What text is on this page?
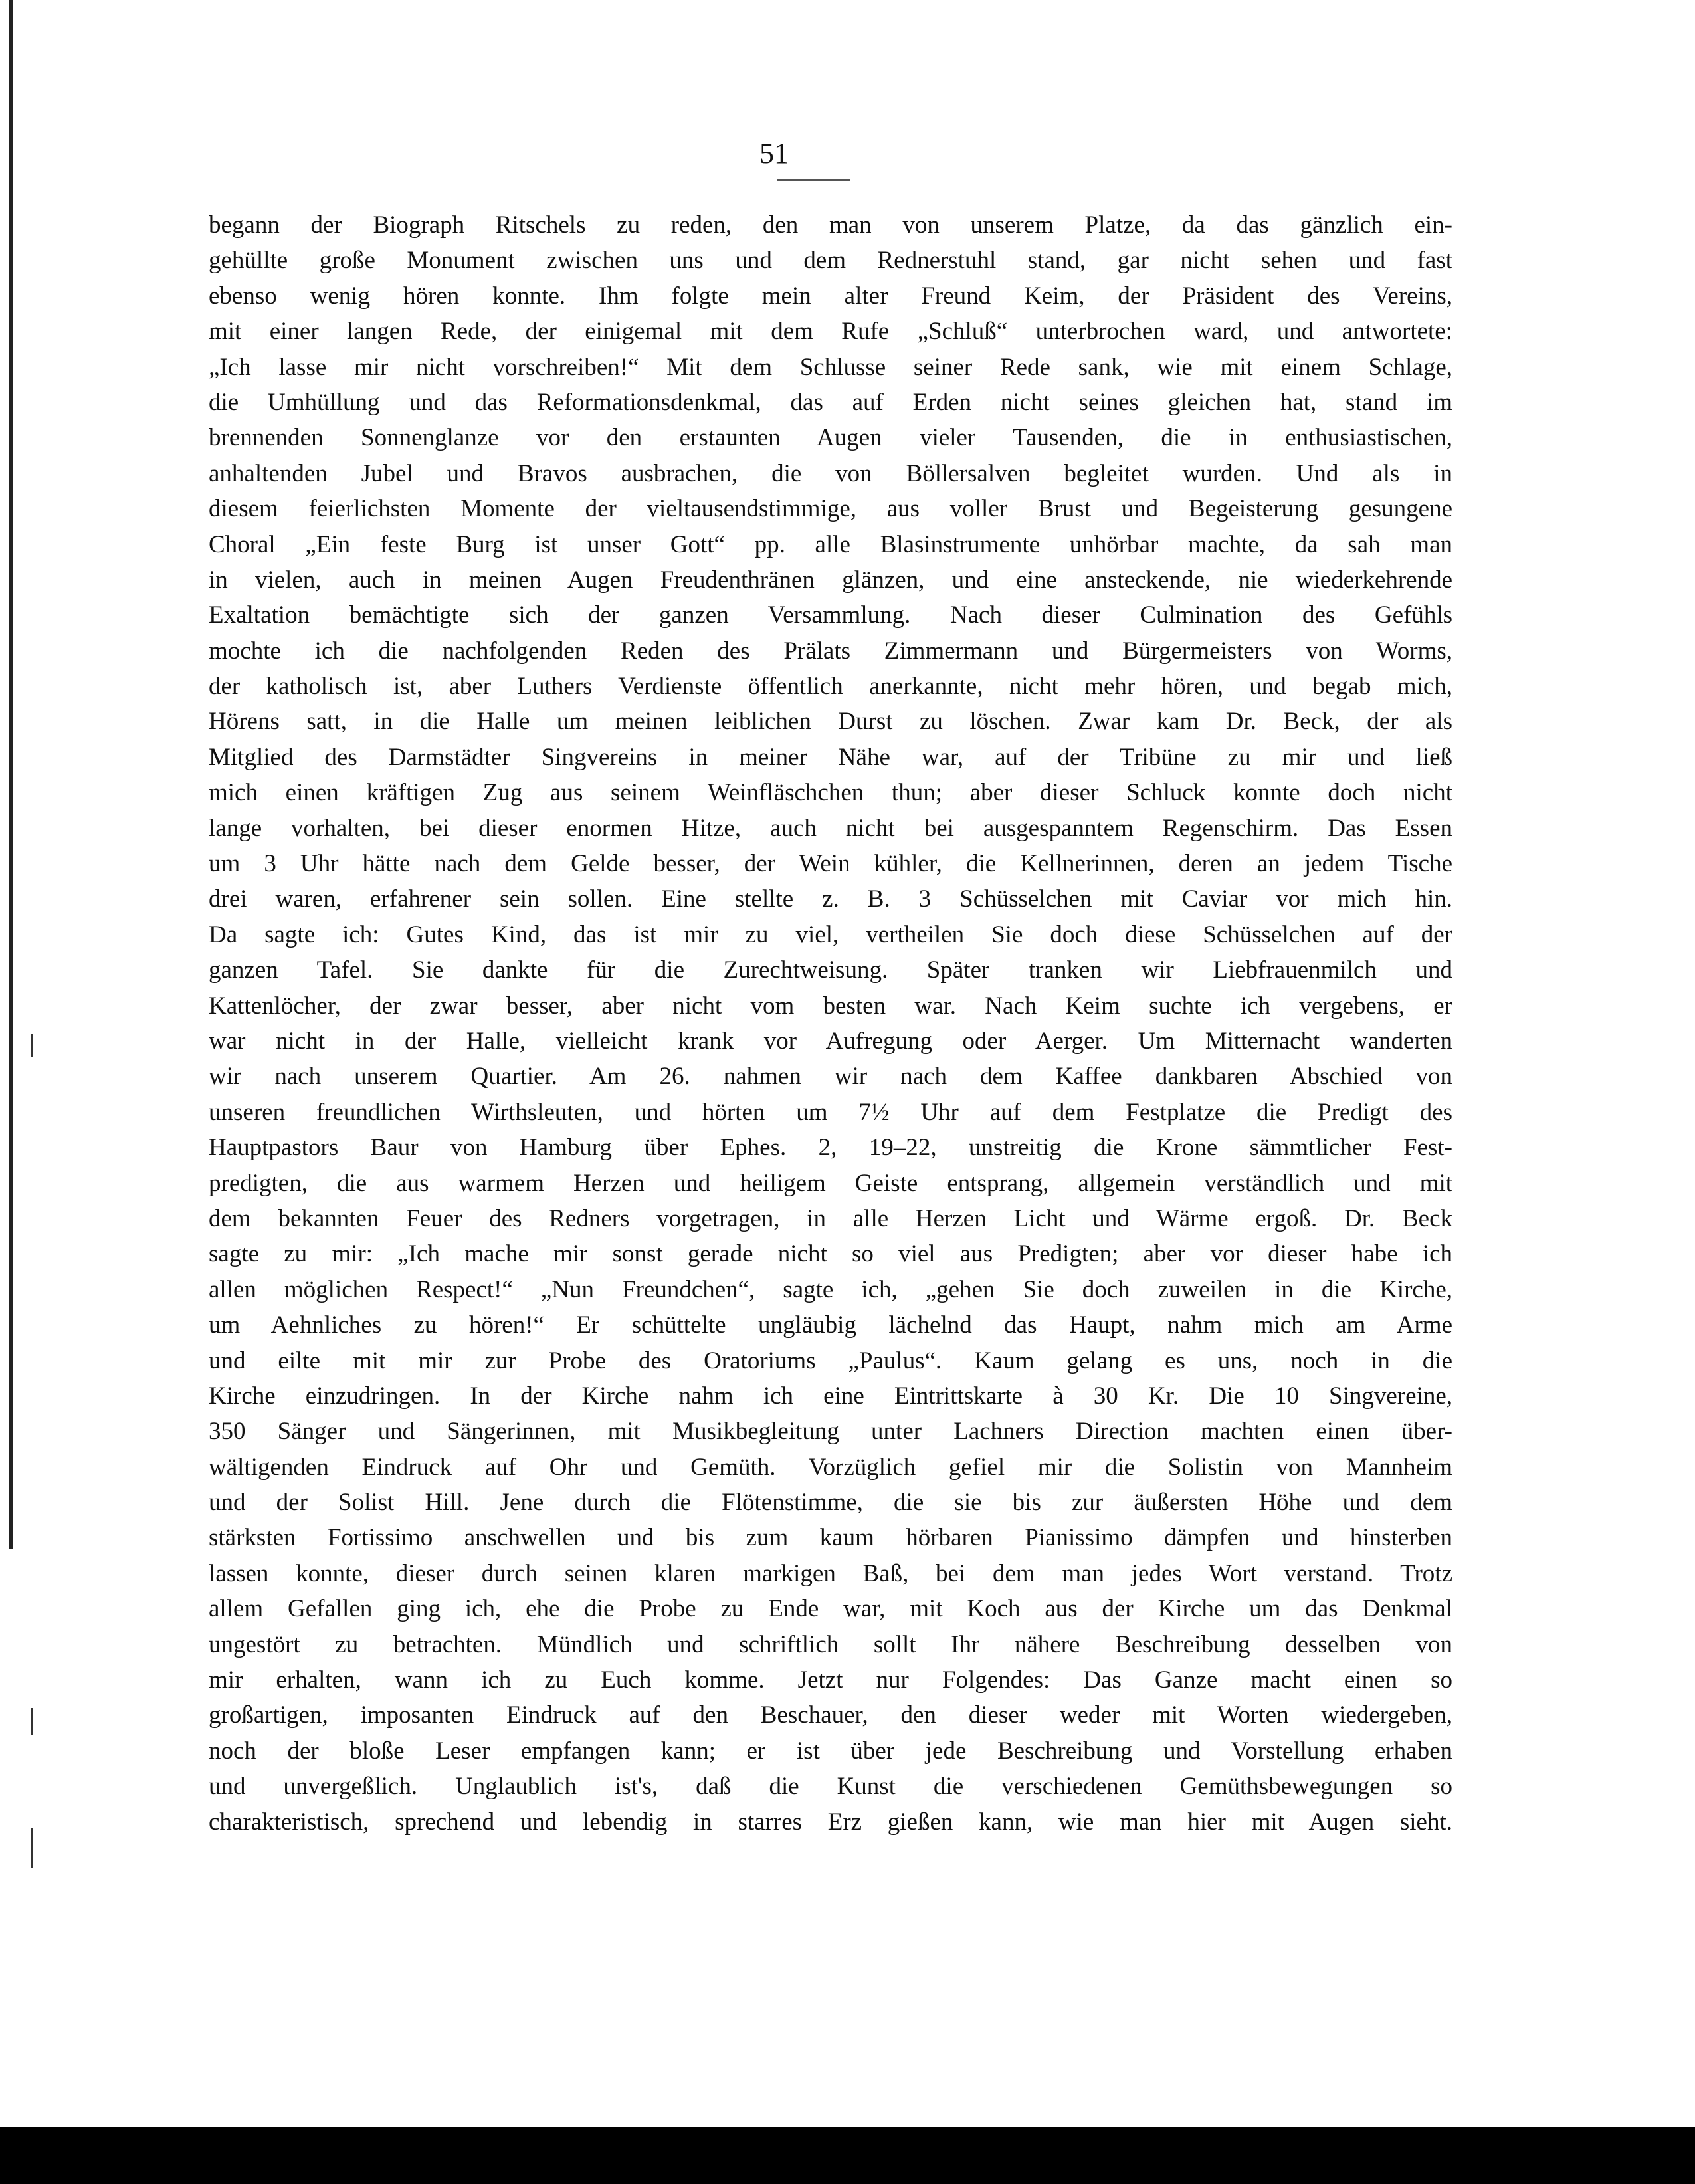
51
begann der Biograph Ritschels zu reden, den man von unserem Platze, da das gänzlich ein-
gehüllte große Monument zwischen uns und dem Rednerstuhl stand, gar nicht sehen und fast
ebenso wenig hören konnte. Ihm folgte mein alter Freund Keim, der Präsident des Vereins,
mit einer langen Rede, der einigemal mit dem Rufe „Schluß“ unterbrochen ward, und antwortete:
„Ich lasse mir nicht vorschreiben!“ Mit dem Schlusse seiner Rede sank, wie mit einem Schlage,
die Umhüllung und das Reformationsdenkmal, das auf Erden nicht seines gleichen hat, stand im
brennenden Sonnenglanze vor den erstaunten Augen vieler Tausenden, die in enthusiastischen,
anhaltenden Jubel und Bravos ausbrachen, die von Böllersalven begleitet wurden. Und als in
diesem feierlichsten Momente der vieltausendstimmige, aus voller Brust und Begeisterung gesungene
Choral „Ein feste Burg ist unser Gott“ pp. alle Blasinstrumente unhörbar machte, da sah man
in vielen, auch in meinen Augen Freudenthränen glänzen, und eine ansteckende, nie wiederkehrende
Exaltation bemächtigte sich der ganzen Versammlung. Nach dieser Culmination des Gefühls
mochte ich die nachfolgenden Reden des Prälats Zimmermann und Bürgermeisters von Worms,
der katholisch ist, aber Luthers Verdienste öffentlich anerkannte, nicht mehr hören, und begab mich,
Hörens satt, in die Halle um meinen leiblichen Durst zu löschen. Zwar kam Dr. Beck, der als
Mitglied des Darmstädter Singvereins in meiner Nähe war, auf der Tribüne zu mir und ließ
mich einen kräftigen Zug aus seinem Weinfläschchen thun; aber dieser Schluck konnte doch nicht
lange vorhalten, bei dieser enormen Hitze, auch nicht bei ausgespanntem Regenschirm. Das Essen
um 3 Uhr hätte nach dem Gelde besser, der Wein kühler, die Kellnerinnen, deren an jedem Tische
drei waren, erfahrener sein sollen. Eine stellte z. B. 3 Schüsselchen mit Caviar vor mich hin.
Da sagte ich: Gutes Kind, das ist mir zu viel, vertheilen Sie doch diese Schüsselchen auf der
ganzen Tafel. Sie dankte für die Zurechtweisung. Später tranken wir Liebfrauenmilch und
Kattenlöcher, der zwar besser, aber nicht vom besten war. Nach Keim suchte ich vergebens, er
war nicht in der Halle, vielleicht krank vor Aufregung oder Aerger. Um Mitternacht wanderten
wir nach unserem Quartier. Am 26. nahmen wir nach dem Kaffee dankbaren Abschied von
unseren freundlichen Wirthsleuten, und hörten um 7½ Uhr auf dem Festplatze die Predigt des
Hauptpastors Baur von Hamburg über Ephes. 2, 19–22, unstreitig die Krone sämmtlicher Fest-
predigten, die aus warmem Herzen und heiligem Geiste entsprang, allgemein verständlich und mit
dem bekannten Feuer des Redners vorgetragen, in alle Herzen Licht und Wärme ergoß. Dr. Beck
sagte zu mir: „Ich mache mir sonst gerade nicht so viel aus Predigten; aber vor dieser habe ich
allen möglichen Respect!“ „Nun Freundchen“, sagte ich, „gehen Sie doch zuweilen in die Kirche,
um Aehnliches zu hören!“ Er schüttelte ungläubig lächelnd das Haupt, nahm mich am Arme
und eilte mit mir zur Probe des Oratoriums „Paulus“. Kaum gelang es uns, noch in die
Kirche einzudringen. In der Kirche nahm ich eine Eintrittskarte à 30 Kr. Die 10 Singvereine,
350 Sänger und Sängerinnen, mit Musikbegleitung unter Lachners Direction machten einen über-
wältigenden Eindruck auf Ohr und Gemüth. Vorzüglich gefiel mir die Solistin von Mannheim
und der Solist Hill. Jene durch die Flötenstimme, die sie bis zur äußersten Höhe und dem
stärksten Fortissimo anschwellen und bis zum kaum hörbaren Pianissimo dämpfen und hinsterben
lassen konnte, dieser durch seinen klaren markigen Baß, bei dem man jedes Wort verstand. Trotz
allem Gefallen ging ich, ehe die Probe zu Ende war, mit Koch aus der Kirche um das Denkmal
ungestört zu betrachten. Mündlich und schriftlich sollt Ihr nähere Beschreibung desselben von
mir erhalten, wann ich zu Euch komme. Jetzt nur Folgendes: Das Ganze macht einen so
großartigen, imposanten Eindruck auf den Beschauer, den dieser weder mit Worten wiedergeben,
noch der bloße Leser empfangen kann; er ist über jede Beschreibung und Vorstellung erhaben
und unvergeßlich. Unglaublich ist's, daß die Kunst die verschiedenen Gemüthsbewegungen so
charakteristisch, sprechend und lebendig in starres Erz gießen kann, wie man hier mit Augen sieht.
